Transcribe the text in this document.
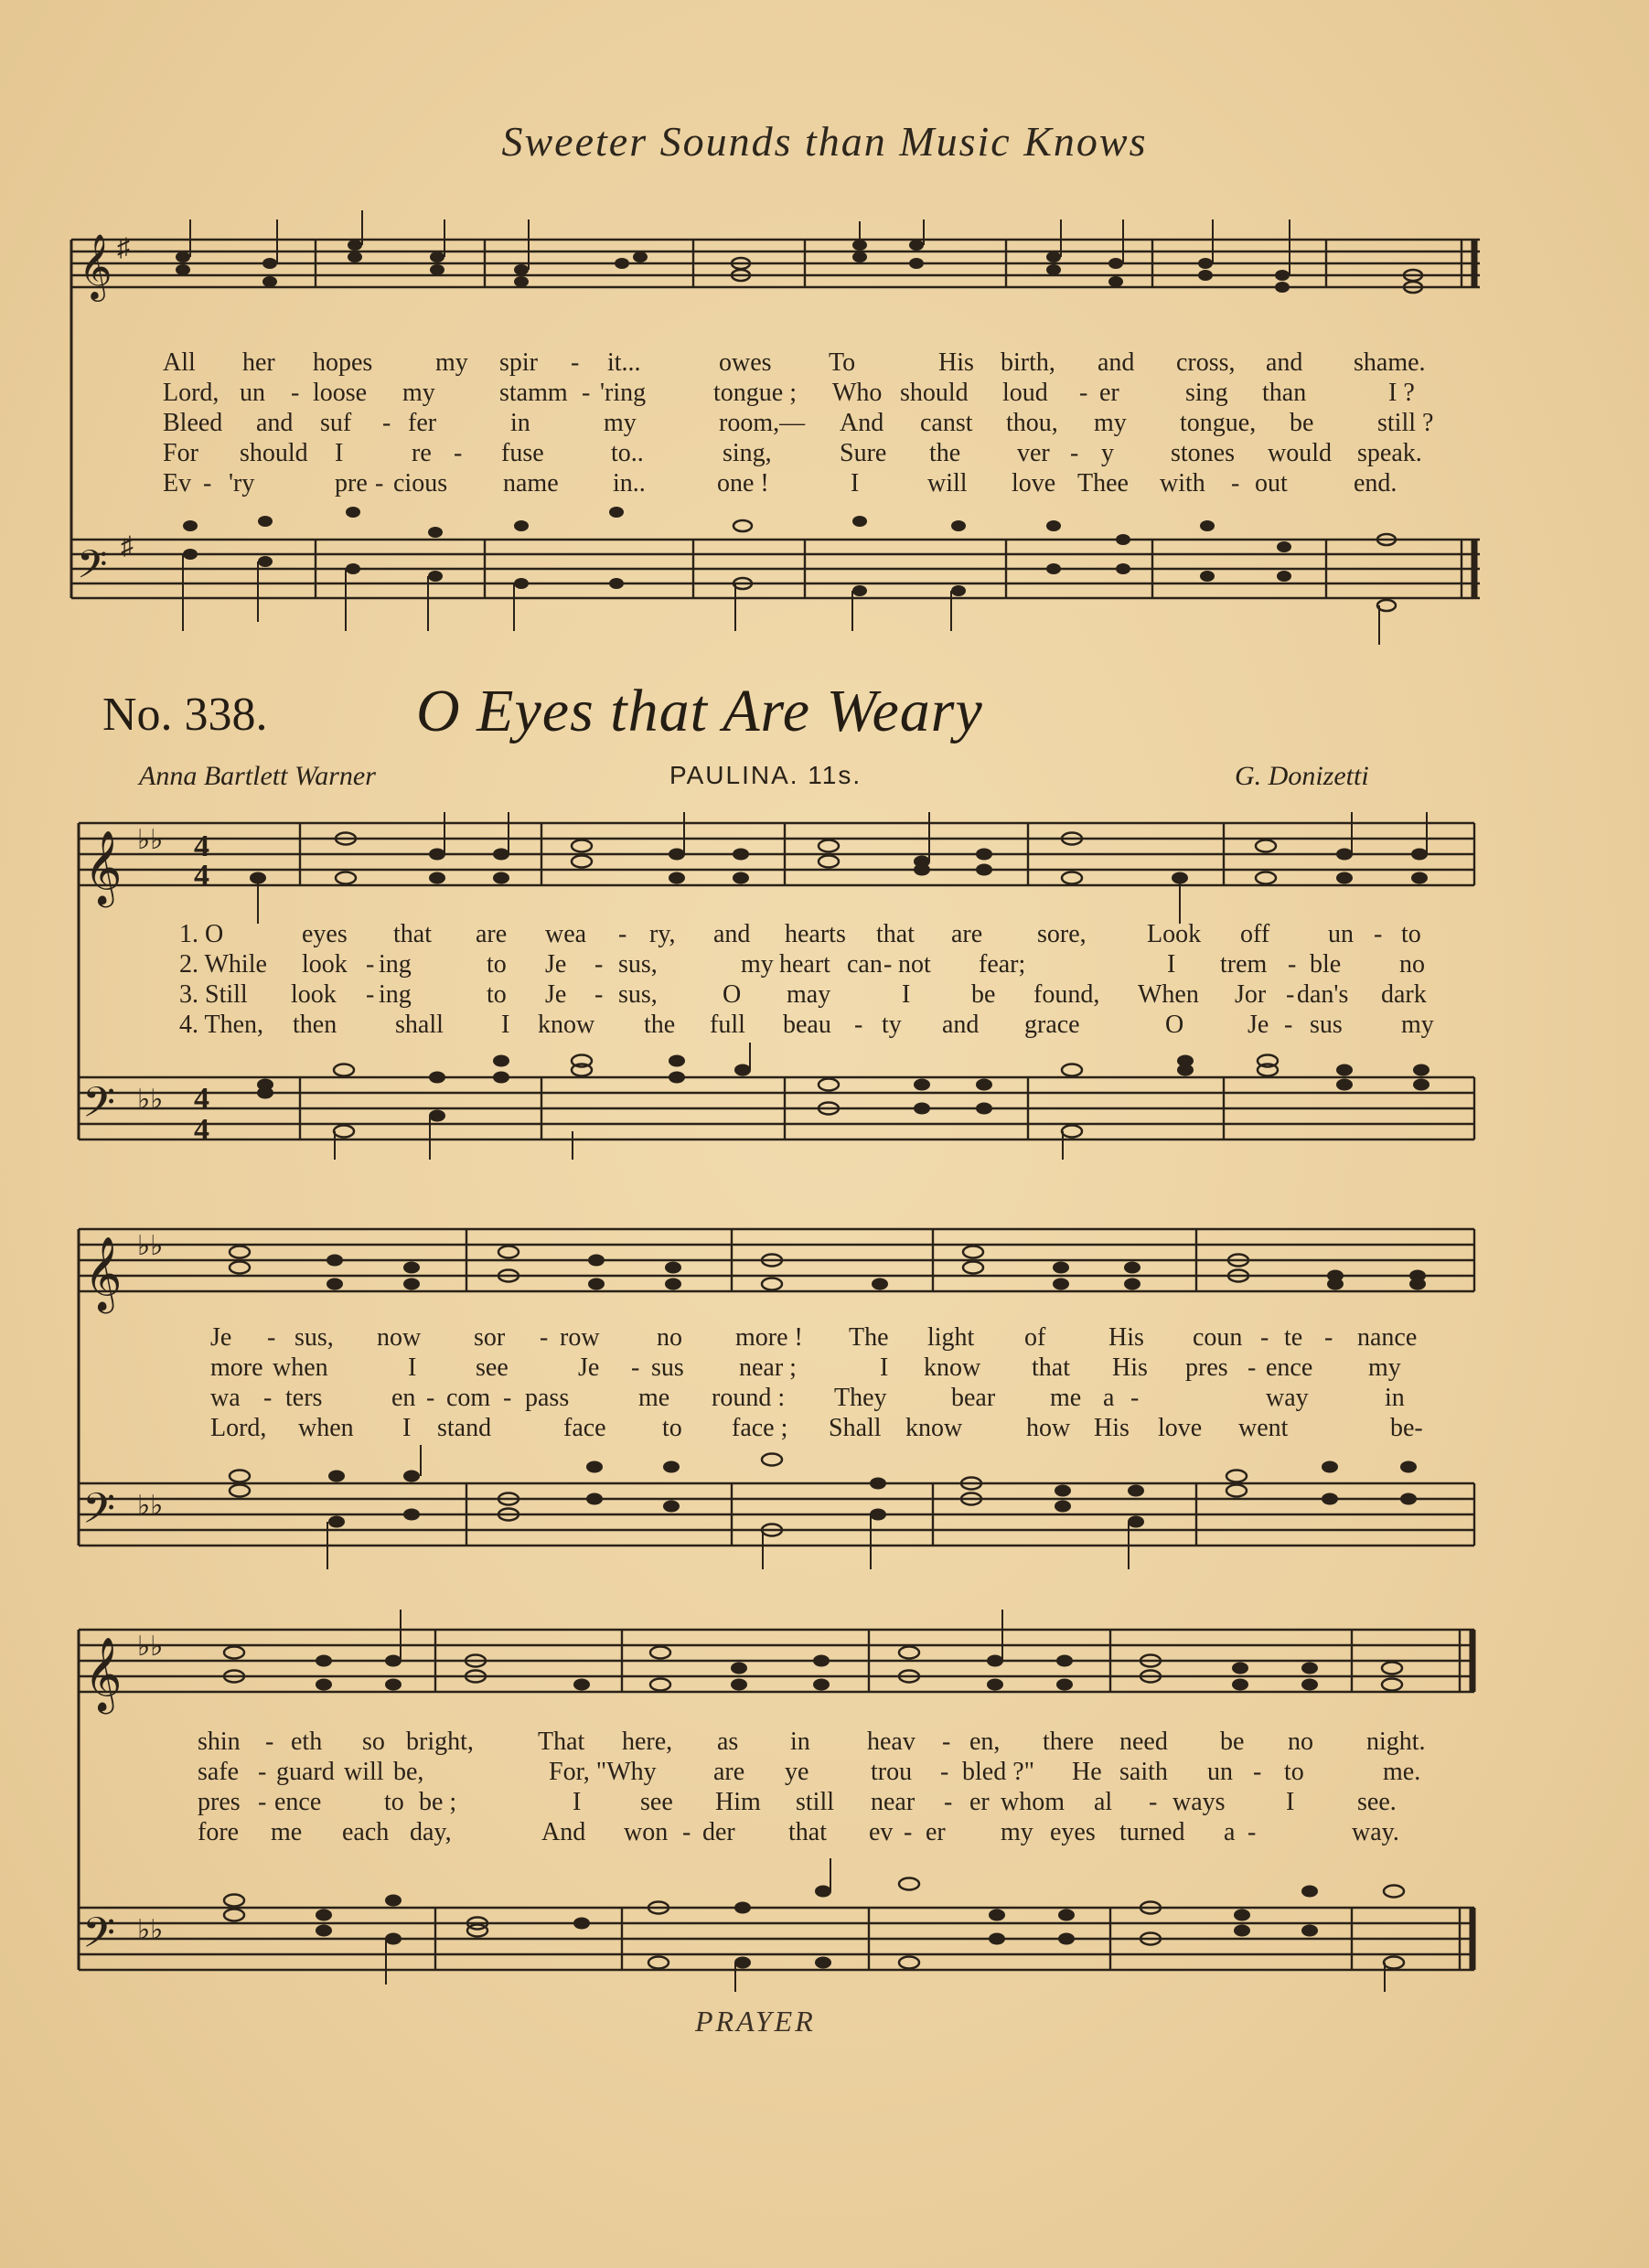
Sweeter Sounds than Music Knows
𝄞 ♯
All her hopes my spir - it...	owes To	His birth, and cross, and shame.
Lord, un - loose my	stamm - 'ring	tongue ; Who should loud - er	sing than	I ?
Bleed and suf - fer	in	my	room,— And canst thou, my tongue, be still ?
For should I	re - fuse	to..	sing,	Sure the ver - y stones would speak.
Ev - 'ry	pre - cious name in..	one !	I	will love Thee with - out	end.
𝄢 ♯
No. 338. O Eyes that Are Weary
Anna Bartlett Warner	PAULINA. 11s.	G. Donizetti
𝄞 ♭♭ 4
4
1. O	eyes that are wea - ry, and hearts that are sore, Look off un - to
2. While look - ing	to Je - sus,	my heart can - not fear;	I trem - ble no
3. Still look - ing	to Je - sus,	O may	I be found, When Jor - dan's dark
4. Then, then shall I know the full beau - ty and grace	O Je - sus my
𝄢 ♭♭ 4
4
𝄞 ♭♭
Je - sus, now sor - row no more ! The light of His coun - te - nance
more when	I see	Je - sus near ;	I know that His pres - ence my
wa - ters	en - com - pass	me round : They	bear me a -	way	in
Lord, when I stand	face to face ; Shall know how His love went	be-
𝄢 ♭♭
𝄞 ♭♭
shin - eth so bright,	That here, as in heav - en, there need be no night.
safe - guard will be,	For, "Why are ye trou - bled ?" He saith un - to	me.
pres - ence to be ;	I see Him still near - er whom al - ways I see.
fore me each day,	And won - der that ev - er my eyes turned a -	way.
𝄢 ♭♭
PRAYER
